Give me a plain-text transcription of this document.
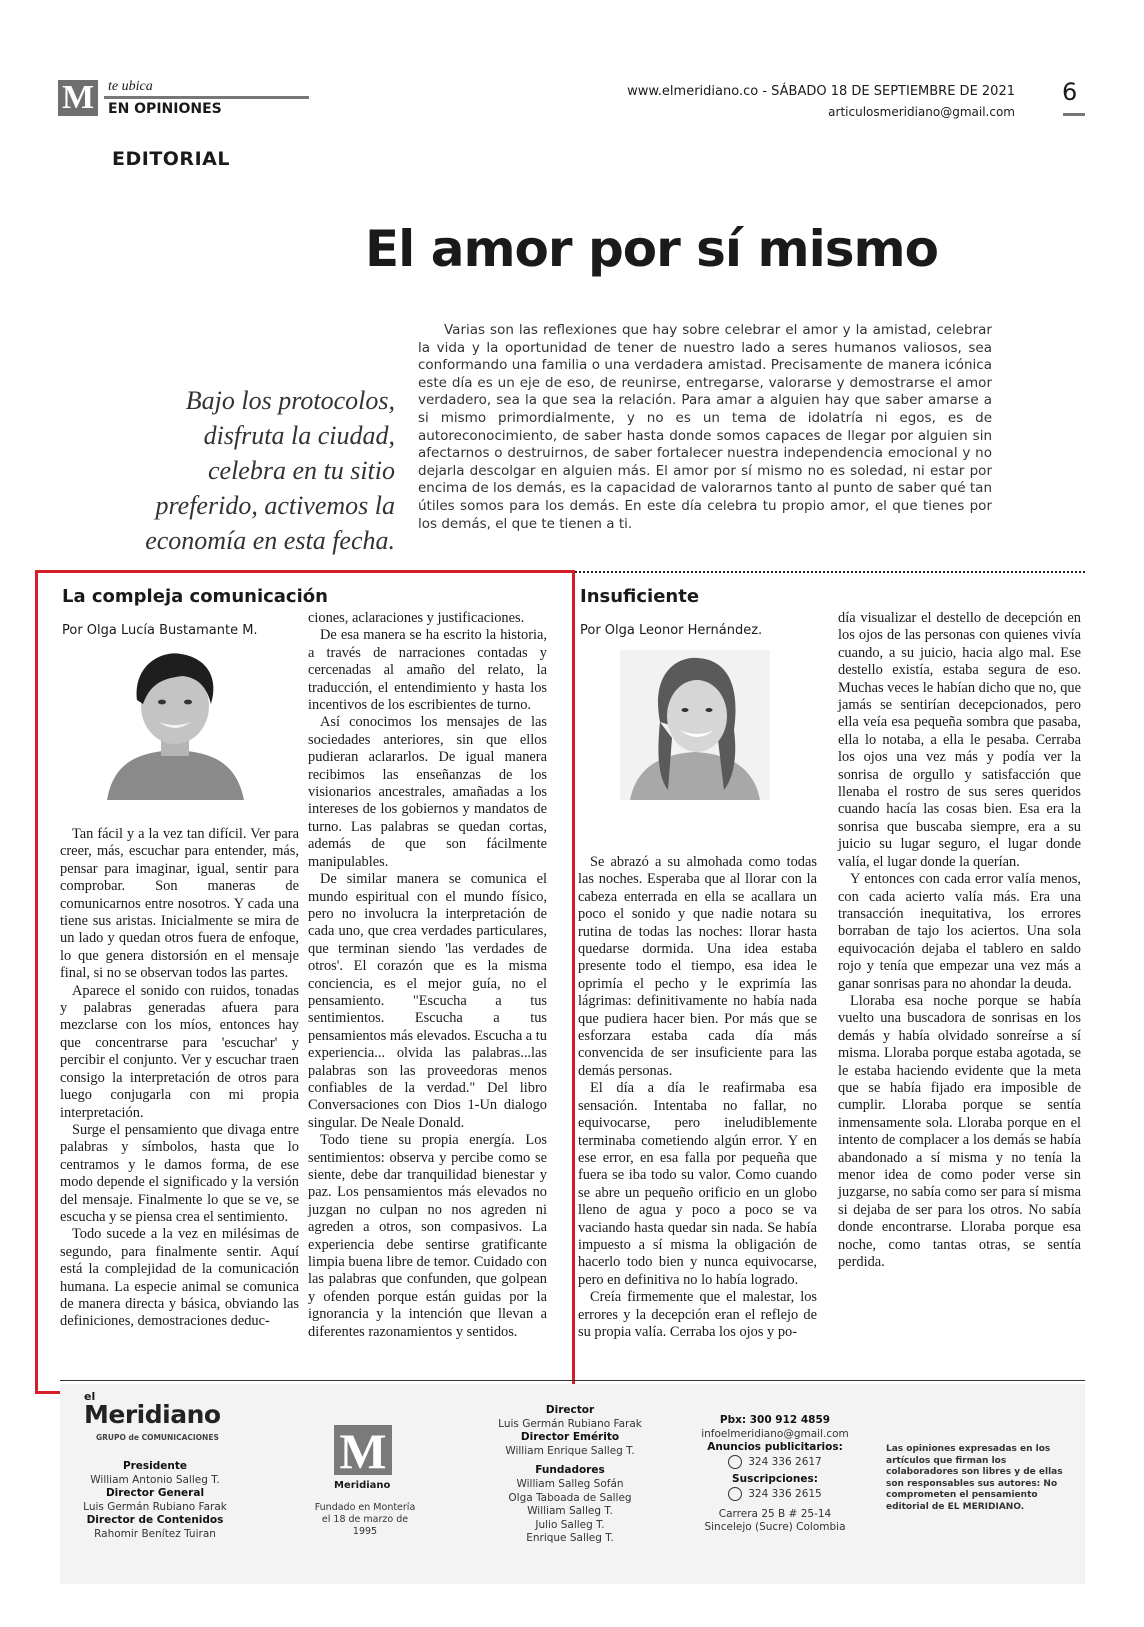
M te ubica
EN OPINIONES
www.elmeridiano.co - SÁBADO 18 DE SEPTIEMBRE DE 2021
articulosmeridiano@gmail.com
6
EDITORIAL
El amor por sí mismo
Bajo los protocolos, disfruta la ciudad, celebra en tu sitio preferido, activemos la economía en esta fecha.

Varias son las reflexiones que hay sobre celebrar el amor y la amistad, celebrar la vida y la oportunidad de tener de nuestro lado a seres humanos valiosos, sea conformando una familia o una verdadera amistad. Precisamente de manera icónica este día es un eje de eso, de reunirse, entregarse, valorarse y demostrarse el amor verdadero, sea la que sea la relación. Para amar a alguien hay que saber amarse a si mismo primordialmente, y no es un tema de idolatría ni egos, es de autoreconocimiento, de saber hasta donde somos capaces de llegar por alguien sin afectarnos o destruirnos, de saber fortalecer nuestra independencia emocional y no dejarla descolgar en alguien más. El amor por sí mismo no es soledad, ni estar por encima de los demás, es la capacidad de valorarnos tanto al punto de saber qué tan útiles somos para los demás. En este día celebra tu propio amor, el que tienes por los demás, el que te tienen a ti.

La compleja comunicación
Por Olga Lucía Bustamante M.

Tan fácil y a la vez tan difícil. Ver para creer, más, escuchar para entender, más, pensar para imaginar, igual, sentir para comprobar. Son maneras de comunicarnos entre nosotros. Y cada una tiene sus aristas. Inicialmente se mira de un lado y quedan otros fuera de enfoque, lo que genera distorsión en el mensaje final, si no se observan todos las partes.

Aparece el sonido con ruidos, tonadas y palabras generadas afuera para mezclarse con los míos, entonces hay que concentrarse para 'escuchar' y percibir el conjunto. Ver y escuchar traen consigo la interpretación de otros para luego conjugarla con mi propia interpretación.

Surge el pensamiento que divaga entre palabras y símbolos, hasta que lo centramos y le damos forma, de ese modo depende el significado y la versión del mensaje. Finalmente lo que se ve, se escucha y se piensa crea el sentimiento.

Todo sucede a la vez en milésimas de segundo, para finalmente sentir. Aquí está la complejidad de la comunicación humana. La especie animal se comunica de manera directa y básica, obviando las definiciones, demostraciones deduc-

ciones, aclaraciones y justificaciones.

De esa manera se ha escrito la historia, a través de narraciones contadas y cercenadas al amaño del relato, la traducción, el entendimiento y hasta los incentivos de los escribientes de turno.

Así conocimos los mensajes de las sociedades anteriores, sin que ellos pudieran aclararlos. De igual manera recibimos las enseñanzas de los visionarios ancestrales, amañadas a los intereses de los gobiernos y mandatos de turno. Las palabras se quedan cortas, además de que son fácilmente manipulables.

De similar manera se comunica el mundo espiritual con el mundo físico, pero no involucra la interpretación de cada uno, que crea verdades particulares, que terminan siendo 'las verdades de otros'. El corazón que es la misma conciencia, es el mejor guía, no el pensamiento. "Escucha a tus sentimientos. Escucha a tus pensamientos más elevados. Escucha a tu experiencia... olvida las palabras...las palabras son las proveedoras menos confiables de la verdad." Del libro Conversaciones con Dios 1-Un dialogo singular. De Neale Donald.

Todo tiene su propia energía. Los sentimientos: observa y percibe como se siente, debe dar tranquilidad bienestar y paz. Los pensamientos más elevados no juzgan no culpan no nos agreden ni agreden a otros, son compasivos. La experiencia debe sentirse gratificante limpia buena libre de temor. Cuidado con las palabras que confunden, que golpean y ofenden porque están guidas por la ignorancia y la intención que llevan a diferentes razonamientos y sentidos.

Insuficiente
Por Olga Leonor Hernández.

Se abrazó a su almohada como todas las noches. Esperaba que al llorar con la cabeza enterrada en ella se acallara un poco el sonido y que nadie notara su rutina de todas las noches: llorar hasta quedarse dormida. Una idea estaba presente todo el tiempo, esa idea le oprimía el pecho y le exprimía las lágrimas: definitivamente no había nada que pudiera hacer bien. Por más que se esforzara estaba cada día más convencida de ser insuficiente para las demás personas.

El día a día le reafirmaba esa sensación. Intentaba no fallar, no equivocarse, pero ineludiblemente terminaba cometiendo algún error. Y en ese error, en esa falla por pequeña que fuera se iba todo su valor. Como cuando se abre un pequeño orificio en un globo lleno de agua y poco a poco se va vaciando hasta quedar sin nada. Se había impuesto a sí misma la obligación de hacerlo todo bien y nunca equivocarse, pero en definitiva no lo había logrado.

Creía firmemente que el malestar, los errores y la decepción eran el reflejo de su propia valía. Cerraba los ojos y po-

día visualizar el destello de decepción en los ojos de las personas con quienes vivía cuando, a su juicio, hacia algo mal. Ese destello existía, estaba segura de eso. Muchas veces le habían dicho que no, que jamás se sentirían decepcionados, pero ella veía esa pequeña sombra que pasaba, ella lo notaba, a ella le pesaba. Cerraba los ojos una vez más y podía ver la sonrisa de orgullo y satisfacción que llenaba el rostro de sus seres queridos cuando hacía las cosas bien. Esa era la sonrisa que buscaba siempre, era a su juicio su lugar seguro, el lugar donde valía, el lugar donde la querían.

Y entonces con cada error valía menos, con cada acierto valía más. Era una transacción inequitativa, los errores borraban de tajo los aciertos. Una sola equivocación dejaba el tablero en saldo rojo y tenía que empezar una vez más a ganar sonrisas para no ahondar la deuda.

Lloraba esa noche porque se había vuelto una buscadora de sonrisas en los demás y había olvidado sonreírse a sí misma. Lloraba porque estaba agotada, se le estaba haciendo evidente que la meta que se había fijado era imposible de cumplir. Lloraba porque se sentía inmensamente sola. Lloraba porque en el intento de complacer a los demás se había abandonado a sí misma y no tenía la menor idea de como poder verse sin juzgarse, no sabía como ser para sí misma si dejaba de ser para los otros. No sabía donde encontrarse. Lloraba porque esa noche, como tantas otras, se sentía perdida.

el
Meridiano
GRUPO de COMUNICACIONES
Presidente
William Antonio Salleg T.
Director General
Luis Germán Rubiano Farak
Director de Contenidos
Rahomir Benítez Tuiran
M
Meridiano
Fundado en Montería el 18 de marzo de 1995
Director
Luis Germán Rubiano Farak
Director Emérito
William Enrique Salleg T.
Fundadores
William Salleg Sofán
Olga Taboada de Salleg
William Salleg T.
Julio Salleg T.
Enrique Salleg T.
Pbx: 300 912 4859
infoelmeridiano@gmail.com
Anuncios publicitarios:
324 336 2617
Suscripciones:
324 336 2615
Carrera 25 B # 25-14
Sincelejo (Sucre) Colombia
Las opiniones expresadas en los artículos que firman los colaboradores son libres y de ellas son responsables sus autores: No comprometen el pensamiento editorial de EL MERIDIANO.
